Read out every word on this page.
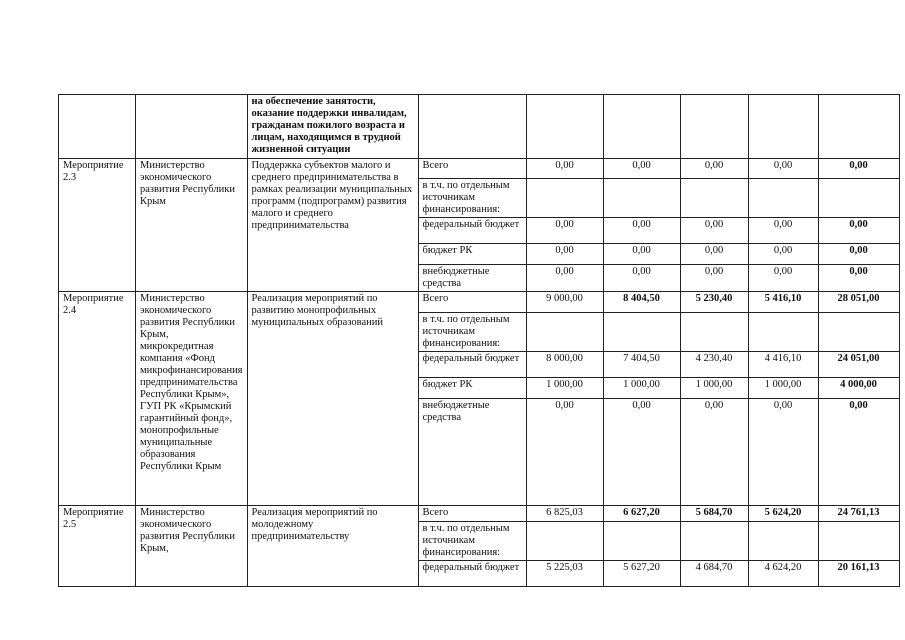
		на обеспечение занятости, оказание поддержки инвалидам, гражданам пожилого возраста и лицам, находящимся в трудной жизненной ситуации						
Мероприятие 2.3	Министерство экономического развития Республики Крым	Поддержка субъектов малого и среднего предпринимательства в рамках реализации муниципальных программ (подпрограмм) развития малого и среднего предпринимательства	Всего	0,00	0,00	0,00	0,00	0,00
			в т.ч. по отдельным источникам финансирования:					
			федеральный бюджет	0,00	0,00	0,00	0,00	0,00
			бюджет РК	0,00	0,00	0,00	0,00	0,00
			внебюджетные средства	0,00	0,00	0,00	0,00	0,00
Мероприятие 2.4	Министерство экономического развития Республики Крым, микрокредитная компания «Фонд микрофинансирования предпринимательства Республики Крым», ГУП РК «Крымский гарантийный фонд», монопрофильные муниципальные образования Республики Крым	Реализация мероприятий по развитию монопрофильных муниципальных образований	Всего	9 000,00	8 404,50	5 230,40	5 416,10	28 051,00
			в т.ч. по отдельным источникам финансирования:					
			федеральный бюджет	8 000,00	7 404,50	4 230,40	4 416,10	24 051,00
			бюджет РК	1 000,00	1 000,00	1 000,00	1 000,00	4 000,00
			внебюджетные средства	0,00	0,00	0,00	0,00	0,00
Мероприятие 2.5	Министерство экономического развития Республики Крым,	Реализация мероприятий по молодежному предпринимательству	Всего	6 825,03	6 627,20	5 684,70	5 624,20	24 761,13
			в т.ч. по отдельным источникам финансирования:					
			федеральный бюджет	5 225,03	5 627,20	4 684,70	4 624,20	20 161,13
